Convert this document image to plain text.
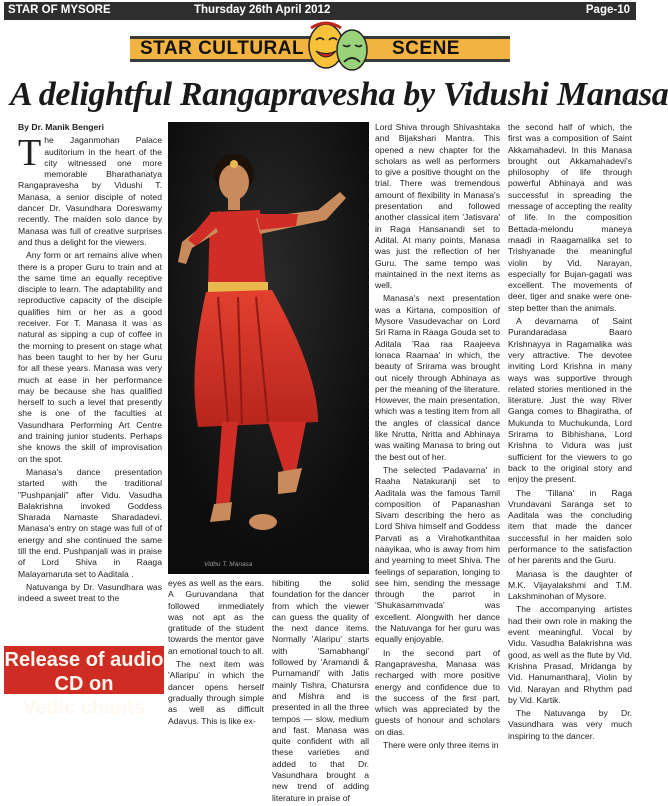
STAR OF MYSORE	Thursday 26th April 2012	Page-10
STAR CULTURAL	SCENE
A delightful Rangapravesha by Vidushi Manasa

By Dr. Manik Bengeri

The Jaganmohan Palace auditorium in the heart of the city witnessed one more memorable Bharathanatya Rangapravesha by Vidushi T. Manasa, a senior disciple of noted dancer Dr. Vasundhara Doreswamy recently. The maiden solo dance by Manasa was full of creative surprises and thus a delight for the viewers.

Any form or art remains alive when there is a proper Guru to train and at the same time an equally receptive disciple to learn. The adaptability and reproductive capacity of the disciple qualifies him or her as a good receiver. For T. Manasa it was as natural as sipping a cup of coffee in the morning to present on stage what has been taught to her by her Guru for all these years. Manasa was very much at ease in her performance may be because she has qualified herself to such a level that presently she is one of the faculties at Vasundhara Performing Art Centre and training junior students. Perhaps she knows the skill of improvisation on the spot.

Manasa's dance presentation started with the traditional "Pushpanjali" after Vidu. Vasudha Balakrishna invoked Goddess Sharada Namaste Sharadadevi. Manasa's entry on stage was full of of energy and she continued the same till the end. Pushpanjali was in praise of Lord Shiva in Raaga Malayamaruta set to Aaditala .

Natuvanga by Dr. Vasundhara was indeed a sweet treat to the

Vidhu T. Manasa

eyes as well as the ears. A Guruvandana that followed immediately was not apt as the gratitude of the student towards the mentor gave an emotional touch to all.

The next item was 'Allaripu' in which the dancer opens herself gradually through simple as well as difficult Adavus. This is like ex-

hibiting the solid foundation for the dancer from which the viewer can guess the quality of the next dance items. Normally 'Alaripu' starts with 'Samabhangi' followed by 'Aramandi & Purnamandi' with Jatis mainly Tishra, Chatursra and Mishra and is presented in all the three tempos — slow, medium and fast. Manasa was quite confident with all these varieties and added to that Dr. Vasundhara brought a new trend of adding literature in praise of

Lord Shiva through Shivashtaka and Bijakshari Mantra. This opened a new chapter for the scholars as well as performers to give a positive thought on the trial. There was tremendous amount of flexibility in Manasa's presentation and followed another classical item 'Jatisvara' in Raga Hansanandi set to Adital. At many points, Manasa was just the reflection of her Guru. The same tempo was maintained in the next items as well.

Manasa's next presentation was a Kirtana, composition of Mysore Vasudevachar on Lord Sri Rama in Raaga Gouda set to Aditala 'Raa raa Raajeeva lonaca Raamaa' in which, the beauty of Srirama was brought out nicely through Abhinaya as per the meaning of the literature. However, the main presentation, which was a testing item from all the angles of classical dance like Nrutta, Nritta and Abhinaya was waiting Manasa to bring out the best out of her.

The selected 'Padavarna' in Raaha Natakuranji set to Aaditala was the famous Tamil composition of Papanashan Sivam describing the hero as Lord Shiva himself and Goddess Parvati as a Virahotkanthitaa naayikaa, who is away from him and yearning to meet Shiva. The feelings of separation, longing to see him, sending the message through the parrot in 'Shukasammvada' was excellent. Alongwith her dance the Natuvanga for her guru was equally enjoyable.

In the second part of Rangapravesha, Manasa was recharged with more positive energy and confidence due to the success of the first part, which was appreciated by the guests of honour and scholars on dias.

There were only three items in

the second half of which, the first was a composition of Saint Akkamahadevi. In this Manasa brought out Akkamahadevi's philosophy of life through powerful Abhinaya and was successful in spreading the message of accepting the reality of life. In the composition Bettada-melondu maneya maadi in Raagamalika set to Trishyanade the meaningful violin by Vid. Narayan, especially for Bujan-gagati was excellent. The movements of deer, tiger and snake were one-step better than the animals.

A devarnama of Saint Purandaradasa Baaro Krishnayya in Ragamalika was very attractive. The devotee inviting Lord Krishna in many ways was supportive through related stories mentioned in the literature. Just the way River Ganga comes to Bhagiratha, of Mukunda to Muchukunda, Lord Srirama to Bibhishana, Lord Krishna to Vidura was just sufficient for the viewers to go back to the original story and enjoy the present.

The 'Tillana' in Raga Vrundavani Saranga set to Aaditala was the concluding item that made the dancer successful in her maiden solo performance to the satisfaction of her parents and the Guru.

Manasa is the daughter of M.K. Vijayalakshmi and T.M. Lakshminohan of Mysore.

The accompanying artistes had their own role in making the event meaningful. Vocal by Vidu. Vasudha Balakrishna was good, as well as the flute by Vid. Krishna Prasad, Mridanga by Vid. Hanumanthara], Violin by Vid. Narayan and Rhythm pad by Vid. Kartik.

The Natuvanga by Dr. Vasundhara was very much inspiring to the dancer.

Release of audio CD on
Vedic chants
